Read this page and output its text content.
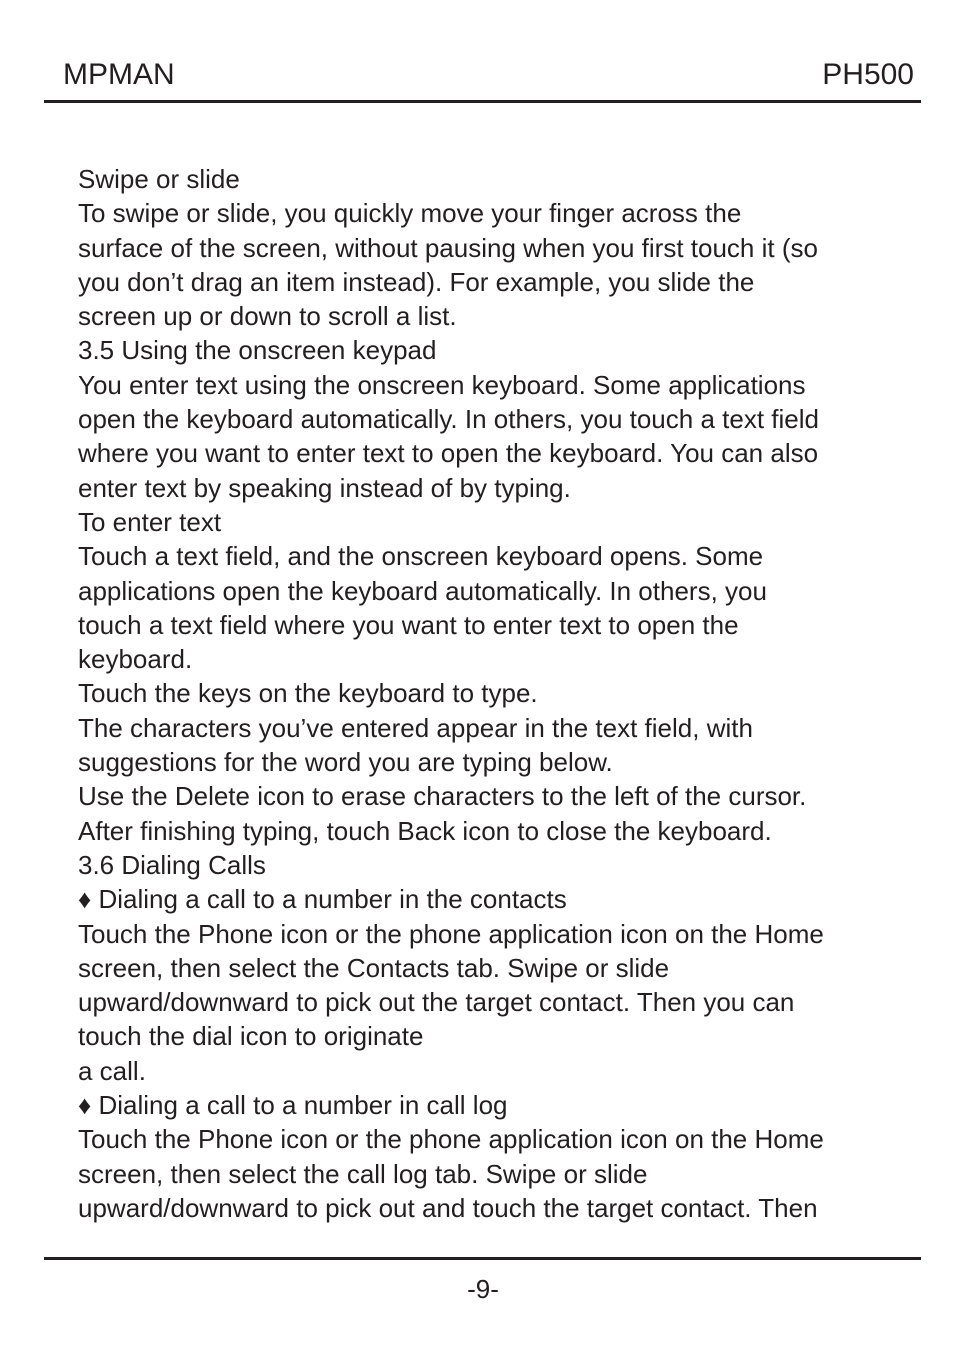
MPMAN	PH500
Swipe or slide
To swipe or slide, you quickly move your finger across the
surface of the screen, without pausing when you first touch it (so
you don’t drag an item instead). For example, you slide the
screen up or down to scroll a list.
3.5 Using the onscreen keypad
You enter text using the onscreen keyboard. Some applications
open the keyboard automatically. In others, you touch a text field
where you want to enter text to open the keyboard. You can also
enter text by speaking instead of by typing.
To enter text
Touch a text field, and the onscreen keyboard opens. Some
applications open the keyboard automatically. In others, you
touch a text field where you want to enter text to open the
keyboard.
Touch the keys on the keyboard to type.
The characters you’ve entered appear in the text field, with
suggestions for the word you are typing below.
Use the Delete icon to erase characters to the left of the cursor.
After finishing typing, touch Back icon to close the keyboard.
3.6 Dialing Calls
♦ Dialing a call to a number in the contacts
Touch the Phone icon or the phone application icon on the Home
screen, then select the Contacts tab. Swipe or slide
upward/downward to pick out the target contact. Then you can
touch the dial icon to originate
a call.
♦ Dialing a call to a number in call log
Touch the Phone icon or the phone application icon on the Home
screen, then select the call log tab. Swipe or slide
upward/downward to pick out and touch the target contact. Then
-9-
